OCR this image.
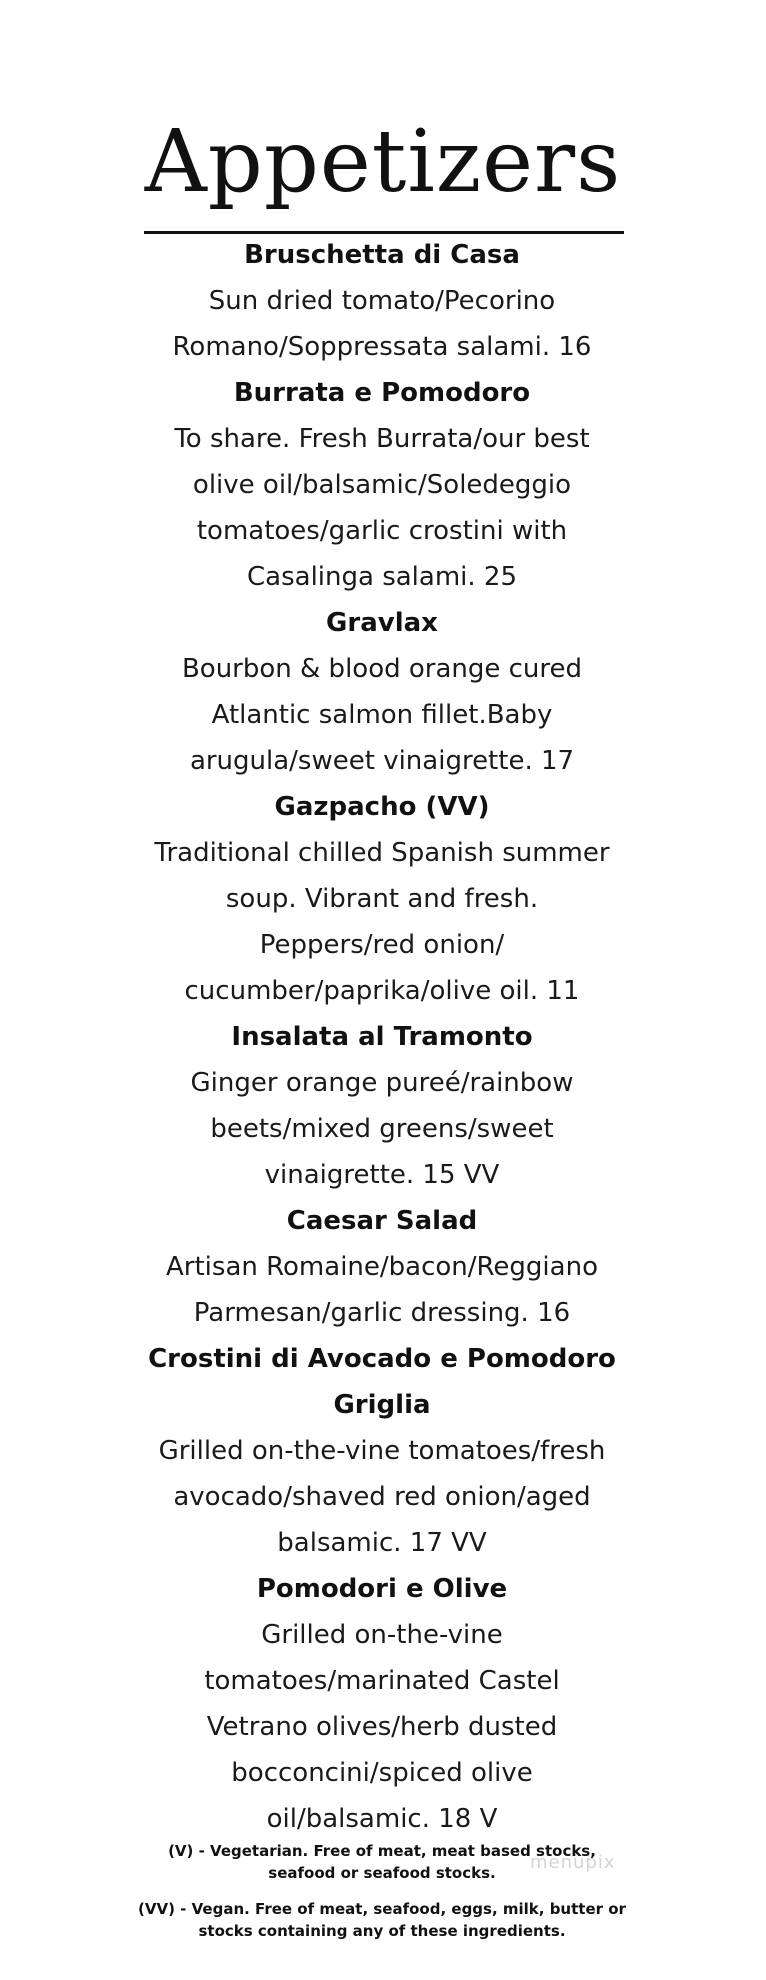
Appetizers

Bruschetta di Casa

Sun dried tomato/Pecorino

Romano/Soppressata salami. 16

Burrata e Pomodoro

To share. Fresh Burrata/our best

olive oil/balsamic/Soledeggio

tomatoes/garlic crostini with

Casalinga salami. 25

Gravlax

Bourbon & blood orange cured

Atlantic salmon fillet.Baby

arugula/sweet vinaigrette. 17

Gazpacho (VV)

Traditional chilled Spanish summer

soup. Vibrant and fresh.

Peppers/red onion/

cucumber/paprika/olive oil. 11

Insalata al Tramonto

Ginger orange pureé/rainbow

beets/mixed greens/sweet

vinaigrette. 15 VV

Caesar Salad

Artisan Romaine/bacon/Reggiano

Parmesan/garlic dressing. 16

Crostini di Avocado e Pomodoro

Griglia

Grilled on-the-vine tomatoes/fresh

avocado/shaved red onion/aged

balsamic. 17 VV

Pomodori e Olive

Grilled on-the-vine

tomatoes/marinated Castel

Vetrano olives/herb dusted

bocconcini/spiced olive

oil/balsamic. 18 V

(V) - Vegetarian. Free of meat, meat based stocks,
seafood or seafood stocks.

(VV) - Vegan. Free of meat, seafood, eggs, milk, butter or
stocks containing any of these ingredients.

menupix
